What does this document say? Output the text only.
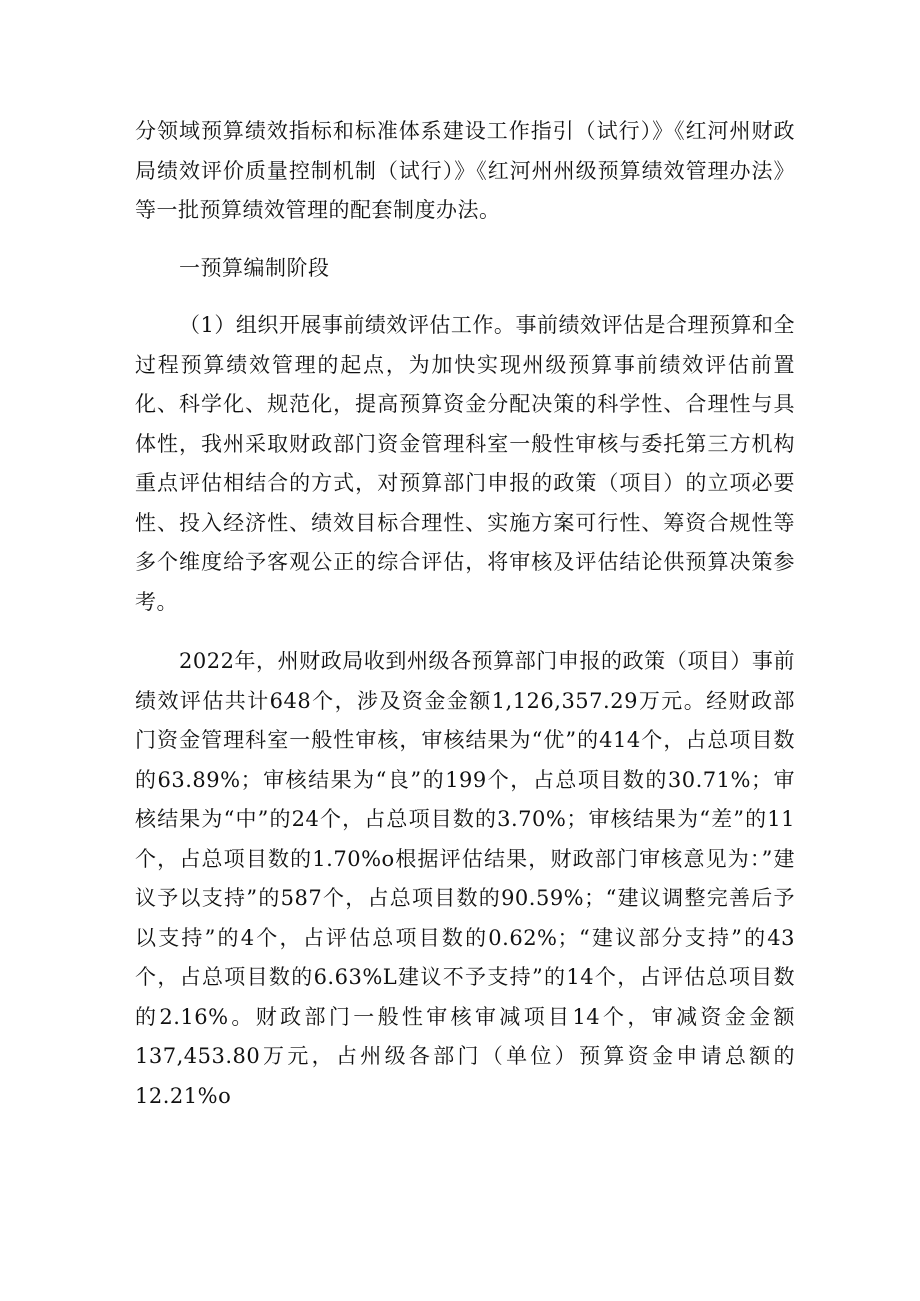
分领域预算绩效指标和标准体系建设工作指引（试行）》《红河州财政局绩效评价质量控制机制（试行）》《红河州州级预算绩效管理办法》等一批预算绩效管理的配套制度办法。

一预算编制阶段

（1）组织开展事前绩效评估工作。事前绩效评估是合理预算和全过程预算绩效管理的起点，为加快实现州级预算事前绩效评估前置化、科学化、规范化，提高预算资金分配决策的科学性、合理性与具体性，我州采取财政部门资金管理科室一般性审核与委托第三方机构重点评估相结合的方式，对预算部门申报的政策（项目）的立项必要性、投入经济性、绩效目标合理性、实施方案可行性、筹资合规性等多个维度给予客观公正的综合评估，将审核及评估结论供预算决策参考。

2022年，州财政局收到州级各预算部门申报的政策（项目）事前绩效评估共计648个，涉及资金金额1,126,357.29万元。经财政部门资金管理科室一般性审核，审核结果为“优”的414个，占总项目数的63.89%；审核结果为“良”的199个，占总项目数的30.71%；审核结果为“中”的24个，占总项目数的3.70%；审核结果为“差”的11个，占总项目数的1.70%o根据评估结果，财政部门审核意见为：”建议予以支持”的587个，占总项目数的90.59%；“建议调整完善后予以支持”的4个，占评估总项目数的0.62%；“建议部分支持”的43个，占总项目数的6.63%L建议不予支持”的14个，占评估总项目数的2.16%。财政部门一般性审核审减项目14个，审减资金金额137,453.80万元，占州级各部门（单位）预算资金申请总额的12.21%o
